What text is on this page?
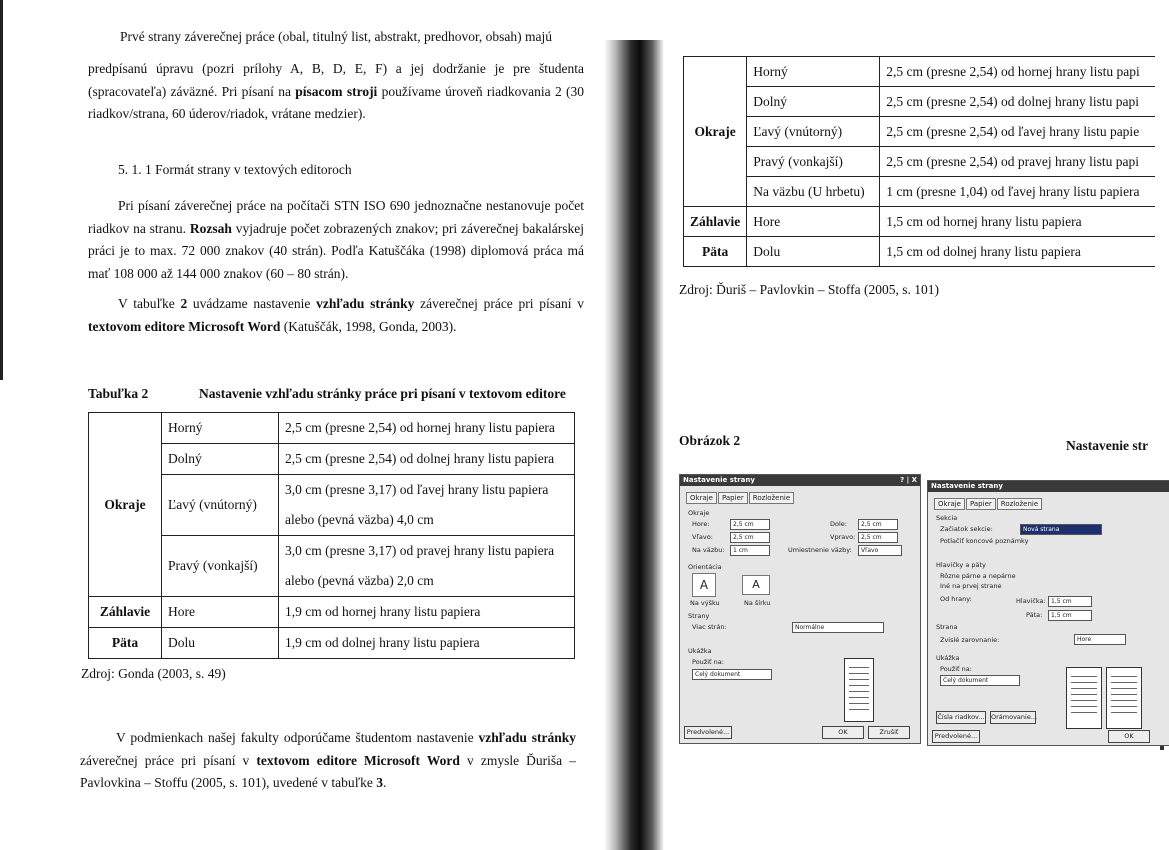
Prvé strany záverečnej práce (obal, titulný list, abstrakt, predhovor, obsah) majú

predpísanú úpravu (pozri prílohy A, B, D, E, F) a jej dodržanie je pre študenta (spracovateľa) záväzné. Pri písaní na písacom stroji používame úroveň riadkovania 2 (30 riadkov/strana, 60 úderov/riadok, vrátane medzier).

5. 1. 1 Formát strany v textových editoroch

Pri písaní záverečnej práce na počítači STN ISO 690 jednoznačne nestanovuje počet riadkov na stranu. Rozsah vyjadruje počet zobrazených znakov; pri záverečnej bakalárskej práci je to max. 72 000 znakov (40 strán). Podľa Katuščáka (1998) diplomová práca má mať 108 000 až 144 000 znakov (60 – 80 strán).

V tabuľke 2 uvádzame nastavenie vzhľadu stránky záverečnej práce pri písaní v textovom editore Microsoft Word (Katuščák, 1998, Gonda, 2003).

Tabuľka 2	Nastavenie vzhľadu stránky práce pri písaní v textovom editore
Okraje	Horný	2,5 cm (presne 2,54) od hornej hrany listu papiera
	Dolný	2,5 cm (presne 2,54) od dolnej hrany listu papiera
	Ľavý (vnútorný)	3,0 cm (presne 3,17) od ľavej hrany listu papiera
alebo (pevná väzba) 4,0 cm

	Pravý (vonkajší)	3,0 cm (presne 3,17) od pravej hrany listu papiera
alebo (pevná väzba) 2,0 cm

Záhlavie	Hore	1,9 cm od hornej hrany listu papiera
Päta	Dolu	1,9 cm od dolnej hrany listu papiera
Zdroj: Gonda (2003, s. 49)

V podmienkach našej fakulty odporúčame študentom nastavenie vzhľadu stránky záverečnej práce pri písaní v textovom editore Microsoft Word v zmysle Ďuriša – Pavlovkina – Stoffu (2005, s. 101), uvedené v tabuľke 3.

Okraje	Horný	2,5 cm (presne 2,54) od hornej hrany listu papi
	Dolný	2,5 cm (presne 2,54) od dolnej hrany listu papi
	Ľavý (vnútorný)	2,5 cm (presne 2,54) od ľavej hrany listu papie
	Pravý (vonkajší)	2,5 cm (presne 2,54) od pravej hrany listu papi
	Na väzbu (U hrbetu)	1 cm (presne 1,04) od ľavej hrany listu papiera
Záhlavie	Hore	1,5 cm od hornej hrany listu papiera
Päta	Dolu	1,5 cm od dolnej hrany listu papiera
Zdroj: Ďuriš – Pavlovkin – Stoffa (2005, s. 101)
Obrázok 2	Nastavenie str
Nastavenie strany	? | X
Okraje Papier Rozloženie
Okraje
Hore:	2,5 cm	Dole:	2,5 cm
Vľavo:	2,5 cm	Vpravo: 2,5 cm
Na väzbu:	1 cm	Umiestnenie väzby:	Vľavo
Orientácia
A	A
Na výšku	Na šírku
Strany
Viac strán:	Normálne
Ukážka
Použiť na:
Celý dokument
Predvolené...	OK	Zrušiť
Nastavenie strany
Okraje Papier Rozloženie
Sekcia
Začiatok sekcie:	Nová strana
Potlačiť koncové poznámky
Hlavičky a päty
Rôzne párne a nepárne
Iné na prvej strane
Od hrany:	Hlavička: 1,5 cm
Päta:	1,5 cm
Strana
Zvislé zarovnanie:	Hore
Ukážka
Použiť na:
Celý dokument
Čísla riadkov... Orámovanie...
Predvolené...	OK
